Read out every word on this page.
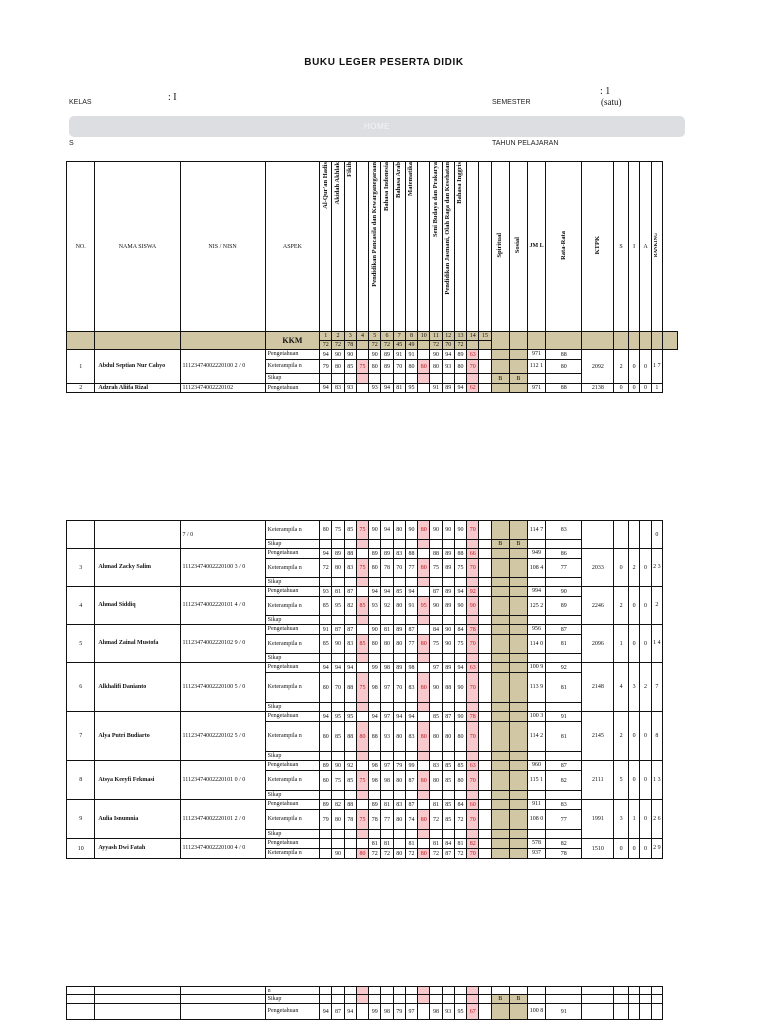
BUKU LEGER PESERTA DIDIK
KELAS	: I	SEMESTER
: 1
(satu)
HOME
S	TAHUN PELAJARAN
NO.	NAMA SISWA	NIS / NISN	ASPEK	Al-Qur'an Hadis	Akidah Akhlak	Fikih		Pendidikan Pancasila dan Kewarganegaraan	Bahasa Indonesia	Bahasa Arab	Matematika		Seni Budaya dan Prakarya	Pendidikan Jasmani, Olah Raga dan Kesehatan	Bahasa Inggris			Spiritual	Sosial	JM L	Rata-Rata	KTPK	S	I	A	RANKING	
			KKM	1	2	3	4	5	6	7	8	10	11	12	13	14	15										
				72	72	78		72	72	45	49		72	70	72												
1	Abdul Septian Nur Cahyo	11123474002220100 2 / 0	Pengetahuan	94	90	90		90	89	91	91		90	94	89	63				971	88	2092	2	0	0	1 7	
			Keterampila n	79	80	85	75	80	89	70	80	80	80	93	80	70				112 1	80						
			Sikap															B	B								
2	Adzrah Aliifa Rizal	11123474002220102	Pengetahuan	94	83	93		93	94	81	95		91	89	94	62				971	88	2138	0	0	0	1	
		7 / 0	Keterampila n	80	75	85	75	90	94	80	90	80	90	90	90	70				114 7	83					0
			Sikap															B	B							
3	Ahmad Zacky Salim	11123474002220100 3 / 0	Pengetahuan	94	89	88		89	89	83	88		88	89	88	66				949	86	2033	0	2	0	2 3
			Keterampila n	72	80	83	75	80	78	70	77	80	75	89	75	70				108 4	77					
			Sikap																							
4	Ahmad Siddiq	11123474002220101 4 / 0	Pengetahuan	93	81	87		94	94	85	94		87	89	94	92				994	90	2246	2	0	0	2
			Keterampila n	85	95	82	85	93	92	80	91	95	90	89	90	90				125 2	89					
			Sikap																							
5	Ahmad Zainal Mustofa	11123474002220102 9 / 0	Pengetahuan	91	87	87		90	81	89	87		84	90	84	78				956	87	2096	1	0	0	1 4
			Keterampila n	85	90	83	85	80	80	80	77	80	75	90	75	70				114 0	81					
			Sikap																							
6	Alkhalifi Danianto	11123474002220100 5 / 0	Pengetahuan	94	94	94		99	98	89	98		97	89	94	63				100 9	92	2148	4	3	2	7
			Keterampila n	80	70	88	75	98	97	70	83	80	90	88	90	70				113 9	81					
			Sikap																							
7	Alya Putri Budiarto	11123474002220102 5 / 0	Pengetahuan	94	95	95		94	97	94	94		85	87	90	78				100 3	91	2145	2	0	0	8
			Keterampila n	80	85	88	80	88	93	80	83	80	80	80	80	70				114 2	81					
			Sikap																							
8	Atsya Keeyfi Fekmasi	11123474002220101 0 / 0	Pengetahuan	89	90	92		98	97	79	99		83	85	85	63				960	87	2111	5	0	0	1 3
			Keterampila n	80	75	85	75	98	98	80	87	80	80	85	80	70				115 1	82					
			Sikap																							
9	Aulia Isnumnia	11123474002220101 2 / 0	Pengetahuan	89	82	88		89	81	83	87		81	85	84	60				911	83	1991	3	1	0	2 6
			Keterampila n	79	80	78	75	78	77	80	74	80	72	85	72	70				108 0	77					
			Sikap																							
10	Ayyash Dwi Fatah	11123474002220100 4 / 0	Pengetahuan					81	81		81		81	84	81	82				578	82	1510	0	0	0	2 9
			Keterampila n		90		80	72	72	80	72	80	72	87	72	70				937	78					
			n																							
			Sikap															B	B							
			Pengetahuan	94	87	94		99	98	79	97		98	93	95	67				100 8	91					
